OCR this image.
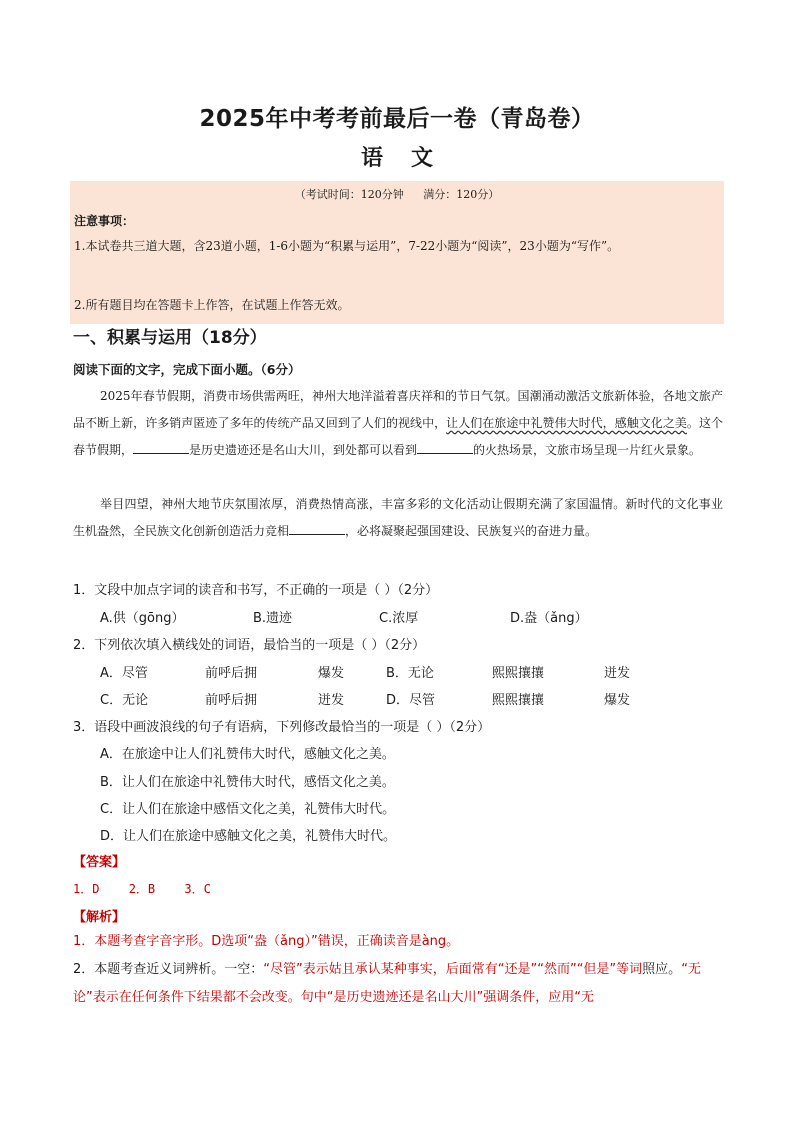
2025年中考考前最后一卷（青岛卷）
语文
（考试时间：120分钟 满分：120分）
注意事项：
1.本试卷共三道大题，含23道小题，1-6小题为“积累与运用”，7-22小题为“阅读”，23小题为“写作”。
2.所有题目均在答题卡上作答，在试题上作答无效。
一、积累与运用（18分）
阅读下面的文字，完成下面小题。（6分）
2025年春节假期，消费市场供需两旺，神州大地洋溢着喜庆祥和的节日气氛。国潮涌动激活文旅新体验，各地文旅产品不断上新，许多销声匿迹了多年的传统产品又回到了人们的视线中，让人们在旅途中礼赞伟大时代，感触文化之美。这个春节假期，	是历史遗迹还是名山大川，到处都可以看到	的火热场景，文旅市场呈现一片红火景象。
举目四望，神州大地节庆氛围浓厚，消费热情高涨，丰富多彩的文化活动让假期充满了家国温情。新时代的文化事业生机盎然，全民族文化创新创造活力竞相	，必将凝聚起强国建设、民族复兴的奋进力量。
1．文段中加点字词的读音和书写，不正确的一项是（ ）（2分）
A.供（gōng）	B.遗迹	C.浓厚	D.盎（ǎng）
2．下列依次填入横线处的词语，最恰当的一项是（ ）（2分）
A．尽管	前呼后拥	爆发	B．无论	熙熙攘攘	迸发
C．无论	前呼后拥	迸发	D．尽管	熙熙攘攘	爆发
3．语段中画波浪线的句子有语病，下列修改最恰当的一项是（ ）（2分）
A．在旅途中让人们礼赞伟大时代，感触文化之美。
B．让人们在旅途中礼赞伟大时代，感悟文化之美。
C．让人们在旅途中感悟文化之美，礼赞伟大时代。
D．让人们在旅途中感触文化之美，礼赞伟大时代。
【答案】
1．D 2．B 3．C
【解析】
1．本题考查字音字形。D选项“盎（ǎng）”错误，正确读音是àng。
2．本题考查近义词辨析。一空：“尽管”表示姑且承认某种事实，后面常有“还是”“然而”“但是”等词照应。“无论”表示在任何条件下结果都不会改变。句中“是历史遗迹还是名山大川”强调条件，应用“无
